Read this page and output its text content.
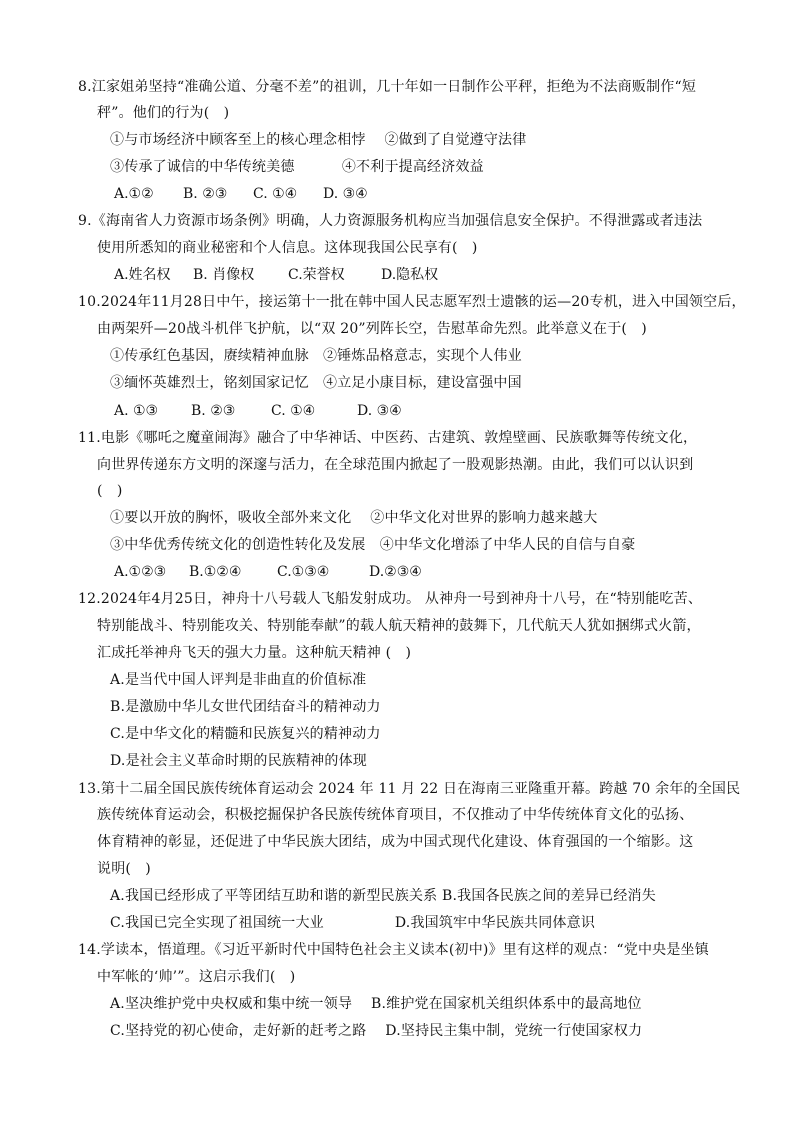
8.江家姐弟坚持“准确公道、分毫不差”的祖训，几十年如一日制作公平秤，拒绝为不法商贩制作“短
秤”。他们的行为(　)
①与市场经济中顾客至上的核心理念相悖　 ②做到了自觉遵守法律
③传承了诚信的中华传统美德　　　 ④不利于提高经济效益
A.①② B. ②③ C. ①④ D. ③④
9.《海南省人力资源市场条例》明确，人力资源服务机构应当加强信息安全保护。不得泄露或者违法
使用所悉知的商业秘密和个人信息。这体现我国公民享有(　)
A.姓名权 B. 肖像权 C.荣誉权	D.隐私权
10.2024年11月28日中午，接运第十一批在韩中国人民志愿军烈士遗骸的运—20专机，进入中国领空后，
由两架歼—20战斗机伴飞护航，以“双 20”列阵长空，告慰革命先烈。此举意义在于(　)
①传承红色基因，赓续精神血脉　②锤炼品格意志，实现个人伟业
③缅怀英雄烈士，铭刻国家记忆　④立足小康目标，建设富强中国
A. ①③ B. ②③	C. ①④	D. ③④
11.电影《哪吒之魔童闹海》融合了中华神话、中医药、古建筑、敦煌壁画、民族歌舞等传统文化，
向世界传递东方文明的深邃与活力，在全球范围内掀起了一股观影热潮。由此，我们可以认识到
(　)
①要以开放的胸怀，吸收全部外来文化　 ②中华文化对世界的影响力越来越大
③中华优秀传统文化的创造性转化及发展　④中华文化增添了中华人民的自信与自豪
A.①②③ B.①②④	C.①③④	D.②③④
12.2024年4月25日，神舟十八号载人飞船发射成功。 从神舟一号到神舟十八号，在“特别能吃苦、
特别能战斗、特别能攻关、特别能奉献”的载人航天精神的鼓舞下，几代航天人犹如捆绑式火箭，
汇成托举神舟飞天的强大力量。这种航天精神 (　)
A.是当代中国人评判是非曲直的价值标准
B.是激励中华儿女世代团结奋斗的精神动力
C.是中华文化的精髓和民族复兴的精神动力
D.是社会主义革命时期的民族精神的体现
13.第十二届全国民族传统体育运动会 2024 年 11 月 22 日在海南三亚隆重开幕。跨越 70 余年的全国民
族传统体育运动会，积极挖掘保护各民族传统体育项目，不仅推动了中华传统体育文化的弘扬、
体育精神的彰显，还促进了中华民族大团结，成为中国式现代化建设、体育强国的一个缩影。这
说明(　)
A.我国已经形成了平等团结互助和谐的新型民族关系 B.我国各民族之间的差异已经消失
C.我国已完全实现了祖国统一大业　　　　　D.我国筑牢中华民族共同体意识
14.学读本，悟道理。《习近平新时代中国特色社会主义读本(初中)》里有这样的观点：“党中央是坐镇
中军帐的‘帅’”。这启示我们(　)
A.坚决维护党中央权威和集中统一领导　 B.维护党在国家机关组织体系中的最高地位
C.坚持党的初心使命，走好新的赶考之路　 D.坚持民主集中制，党统一行使国家权力
